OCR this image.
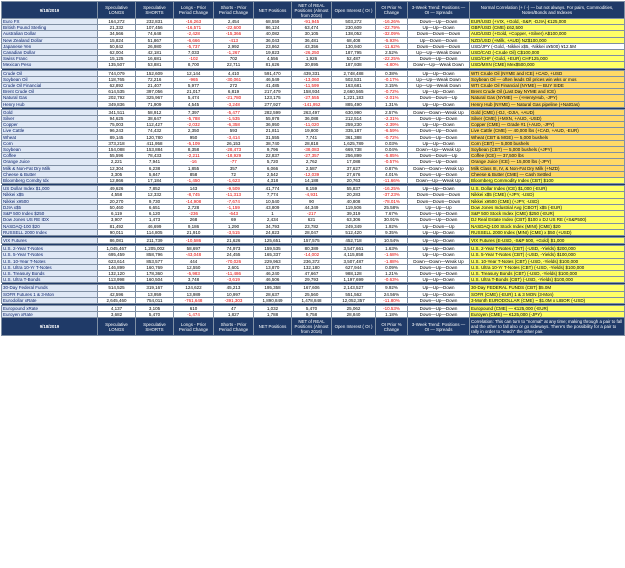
9/18/2019	Speculative LONGS	Speculative SHORTS	Longs - Prior Period Change	Shorts - Prior Period Change	NET Positions	NET of REAL Positions (Almost from 2016)	Open Interest ( OI )	OI Prior % Change	3-Week Trend: Positions — OI — Spreads	Normal Correlation (+ / -) — but not always. For pairs, Commodities, Notes/Bonds and Indexes
Euro FX	164,272	232,831	-16,263	2,454	68,559	-91,945	503,272	-16.26%	Down—Up—Down	EUR/USD (+VIX, +Gold, -S&P, -DJIA) €125,000
British Pound Sterling	21,332	107,456	-16,571	-22,600	86,124	63,474	230,609	-22.79%	Up—Up—Down	GBP/USD (CME) £62,500
Australian Dollar	34,566	74,648	-2,428	-15,366	40,082	30,105	138,052	-32.09%	Down—Down—Down	AUD/USD (+Gold, +Copper, +Silver) A$100,000
New Zealand Dollar	15,824	51,867	-6,666	-413	36,043	36,481	68,408	-5.93%	Up—Down—Down	NZD/USD (+Milk, +AUD) NZ$100,000
Japanese Yen	50,842	26,980	-5,737	2,992	23,862	43,356	130,940	-11.62%	Down—Down—Down	USD/JPY (-Gold, -Nikkei x$5, -Nikkei x¥500) ¥12.5M
Canadian Dollar	62,004	42,181	7,033	-1,267	19,823	-26,250	187,795	2.52%	Up—Up—Weak Down	USD/CAD (-Crude Oil) C$100,000
Swiss Franc	15,125	16,681	-102	702	4,556	1,926	52,487	-22.25%	Down—Up—Down	USD/CHF (-Gold, +EUR) CHF125,000
Mexican Peso	135,507	53,881	8,700	22,711	81,626	30,895	187,938	-4.80%	Down—Up—Weak Down	USD/MXN (CME) Mex$500,000

Crude Oil	744,079	152,609	12,144	4,410	591,470	439,331	2,748,488	0.38%	Up—Up—Down	WTI Crude Oil (NYME and ICE) +CAD, +USD
Soybean Oil	118,765	72,216	-965	-30,061	46,549	-13,060	502,531	-0.17%	Up—Up—Weak Down	Soybean Oil — often leads Oil prices win wks or mos
Crude Oil Financial	62,892	21,407	5,977	272	41,485	-11,599	163,681	3.15%	Up—Up—Weak Down	WTI Crude Oil Financial (NYME) — BUY SIDE
Brent Crude Oil	614,535	397,056	21,017	6,819	217,479	158,934	2,660,565	-0.72%	Up—Up—Down	Brent Crude Oil (Last Day NYME and ICE)
Natural Gas	202,792	325,967	5,474	-21,780	123,175	-27,555	1,221,183	-2.01%	Down—Down—Up	Natural Gas (NYME) — (+HenryHub, -JPY)
Henry Hub	349,836	71,909	4,545	-3,248	277,927	-141,952	885,490	1.31%	Up—Up—Down	Henry Hub (NYME) — Natural Gas pipeline (+NatGas)

Gold	341,511	58,912	7,397	-5,477	282,599	263,497	630,990	2.57%	Down—Down—Weak Up	Gold (CME) (-DJ, -DJIA, +AUD)
Silver	94,625	38,647	-5,788	-1,535	55,978	36,088	212,514	-2.31%	Down—Up—Down	Silver (CME) (+MXN, +AUD, -USD)
Copper	75,003	112,427	-2,032	-6,358	36,950	-11,020	259,230	-2.39%	Up—Up—Down	Copper (CME) — Grade #1 (+AUD, -JPY)
Live Cattle	96,243	74,432	2,350	593	21,811	19,800	335,187	-6.59%	Down—Up—Down	Live Cattle (CME) — 40,000 lbs (+CAD, +AUD, -EUR)
Wheat	89,145	120,780	950	-3,414	31,555	7,741	361,388	-0.72%	Down—Up—Down	Wheat (CBT & MGE) — 5,000 bushels
Corn	373,218	411,958	-5,109	26,153	38,740	28,818	1,625,789	0.03%	Up—Up—Down	Corn (CBT) — 5,000 bushels
Soybean	154,088	153,884	8,358	-28,473	9,796	-38,083	669,738	0.04%	Down—Up—Weak Up	Soybean (CBT) — 5,000 bushels (+JPY)
Coffee	55,596	78,433	-2,211	-18,929	22,837	-27,357	256,899	-5.85%	Down—Down—Up	Coffee (ICE) — 37,500 lbs
Orange Juice	2,221	7,941	-16	-77	5,720	2,762	17,088	-0.57%	Down—Up—Down	Orange Juice (ICE) — 15,000 lbs (-JPY)
Milk & Non-Fat Dry Milk	12,304	6,238	1,855	357	6,066	2,587	37,627	0.87%	Down—Down—Weak Up	Milk Class III, IV, & Non-Fat Dry Milk (+NZD)
Cheese & Butter	3,305	5,847	858	72	2,542	-12,039	27,676	4.01%	Down—Up—Down	Cheese & Butter (CME) — Cash Settled
Bloomberg Comdty Idx	12,866	17,184	-1,450	-1,623	4,318	14,188	20,763	-11.66%	Down—Up—Weak Up	Bloomberg Commodity Index (CBT) $100

US Dollar Index $1,000	49,626	7,852	143	-9,509	41,774	8,159	55,837	-16.25%	Up—Up—Down	U.S. Dollar Index (ICE) $1,000 (-EUR)
Nikkei x$5	4,558	12,332	-8,745	-11,313	7,774	-4,931	20,283	-37.23%	Down—Down—Down	Nikkei x$5 (CME) (+JPY, -USD)
Nikkei x¥500	20,270	9,730	-14,908	-7,674	10,540	90	40,808	-78.01%	Down—Down—Down	Nikkei x¥500 (CME) (+JPY, -USD)
DJIA x$5	50,460	6,651	2,728	-1,159	43,809	44,349	119,506	25.58%	Up—Up—Up	Dow Jones Industrial Avg (CBOT) x$5 (-EUR)
S&P 500 Index $250	6,119	6,120	-236	-643	1	-217	39,319	7.67%	Down—Up—Down	S&P 500 Stock Index (CME) $250 (-EUR)
Dow Jones US RE IDX	3,907	1,473	268	69	2,434	621	63,306	30.91%	Down—Up—Down	DJ Real Estate Index (CBT) $100 x DJ US RE (+S&P500)
NASDAQ-100 $20	81,492	46,699	9,186	1,290	34,793	23,782	249,349	1.92%	Up—Down—Up	NASDAQ-100 Stock Index (MINI) (CME) $20
RUSSELL 2000 Index	90,011	114,805	21,910	-3,515	24,823	28,047	512,420	9.35%	Up—Up—Down	RUSSELL 2000 Index (MINI) (CME) x $50 (+USD)

VIX Futures	86,081	211,739	-10,586	21,626	125,651	157,575	452,718	10.54%	Up—Up—Down	VIX Futures (E-USD, -S&P 500, +Gold) $1,000

U.S. 2-Year T-Notes	1,045,467	1,205,002	58,697	74,973	159,535	80,389	3,547,661	1.63%	Up—Up—Down	U.S. 2-Year T-Notes (CBT) (-USD, -Yields) $200,000
U.S. 5-Year T-Notes	695,459	858,796	-43,048	24,455	165,337	-14,002	4,115,858	-1.68%	Up—Up—Down	U.S. 5-Year T-Notes (CBT) (-USD, -Yields) $100,000
U.S. 10-Year T-Notes	623,614	853,577	444	-70,026	229,963	236,372	3,507,487	-1.88%	Down—Down—Weak Up	U.S. 10-Year T-Notes (CBT) (-USD, -Yields) $100,000
U.S. Ultra 10-Yr T-Notes	146,899	160,769	12,550	2,601	13,870	132,180	627,944	0.09%	Down—Up—Down	U.S. Ultra 10-Yr T-Notes (CBT) (-USD, -Yields) $100,000
U.S. Treasury Bonds	132,120	178,360	-5,983	-11,486	46,240	47,667	988,128	1.21%	Down—Up—Down	U.S. Treasury Bonds (CBT) (-USD, -Yields) $100,000
U.S. Ultra T-Bonds	113,998	160,504	3,748	-3,619	46,506	29,793	1,197,699	-0.63%	Up—Up—Down	U.S. Ultra T-Bonds (CBT) (-USD, -Yields) $100,000

30-Day Federal Funds	514,525	319,167	124,622	45,213	195,358	167,606	2,143,527	9.92%	Up—Up—Down	30-Day FEDERAL FUNDS (CBT) $5.0M
SOFR Futures 1 & 3-Mon	42,596	13,959	13,989	10,997	28,637	25,560	551,562	24.56%	Up—Up—Down	SOFR (CME) (-EUR) 1 & 3 MON (3-Mon)
Eurodollar xRate	2,645,460	754,011	-761,648	-391,303	1,890,849	1,478,848	12,052,357	-11.80%	Down—Up—Down	3-Month EURODOLLAR (CME) ~ $1.0M x LIBOR (-USD)

Europound xRate	4,137	3,105	610	47	1,032	5,470	25,062	-10.53%	Down—Up—Down	Europound (CME) — €125,000 (-EUR)
Euroyen xRate	3,682	5,470	-1,474	1,827	1,788	9,758	28,840	1.18%	Down—Up—Down	Euroyen (CME) — €125,000 (-JPY)
9/18/2019	Speculative LONGS	Speculative SHORTS	Longs - Prior Period Change	Shorts - Prior Period Change	NET Positions	NET of REAL Positions (Almost from 2016)	Open Interest ( OI )	OI Prior % Change	3-Week Trend: Positions — OI — Spreads	Correlation: This can turn to "normal" at any time; making through a pair to fall and the other to fall also or go sideways. There's the possibility for a pair to rally in order to "reach" the other pair.
